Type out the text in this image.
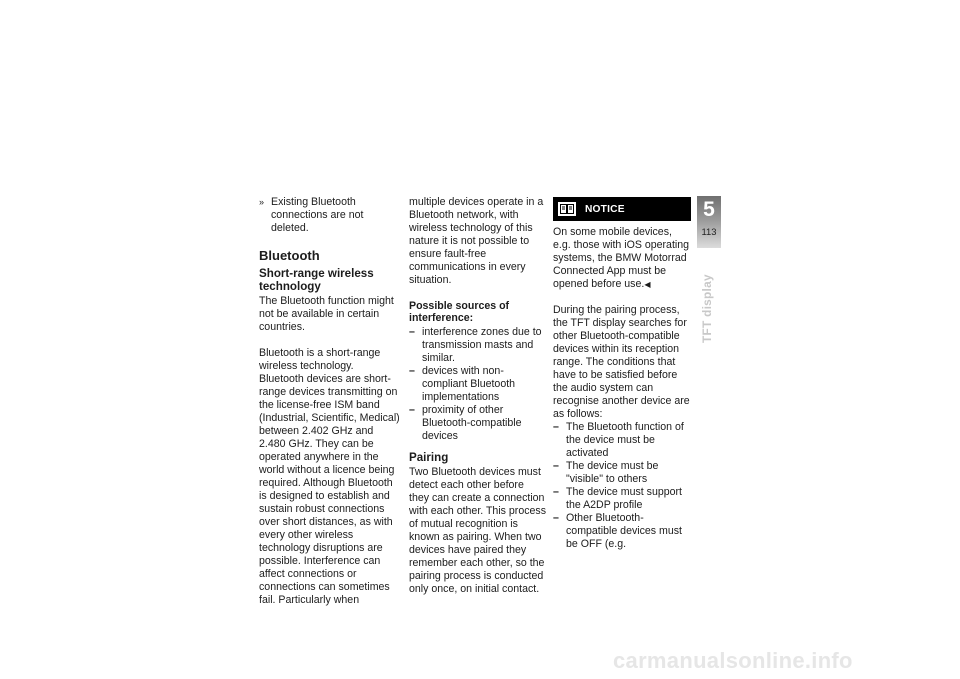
» Existing Bluetooth connections are not deleted.
Bluetooth
Short-range wireless technology

The Bluetooth function might not be available in certain countries.

Bluetooth is a short-range wireless technology. Bluetooth devices are short-range devices transmitting on the license-free ISM band (Industrial, Scientific, Medical) between 2.402 GHz and 2.480 GHz. They can be operated anywhere in the world without a licence being required. Although Bluetooth is designed to establish and sustain robust connections over short distances, as with every other wireless technology disruptions are possible. Interference can affect connections or connections can sometimes fail. Particularly when

multiple devices operate in a Bluetooth network, with wireless technology of this nature it is not possible to ensure fault-free communications in every situation.

Possible sources of interference:
– interference zones due to transmission masts and similar.
– devices with non-compliant Bluetooth implementations
– proximity of other Bluetooth-compatible devices
Pairing

Two Bluetooth devices must detect each other before they can create a connection with each other. This process of mutual recognition is known as pairing. When two devices have paired they remember each other, so the pairing process is conducted only once, on initial contact.

NOTICE

On some mobile devices, e.g. those with iOS operating systems, the BMW Motorrad Connected App must be opened before use.◀

During the pairing process, the TFT display searches for other Bluetooth-compatible devices within its reception range. The conditions that have to be satisfied before the audio system can recognise another device are as follows:

– The Bluetooth function of the device must be activated
– The device must be "visible" to others
– The device must support the A2DP profile
– Other Bluetooth-compatible devices must be OFF (e.g.
5
113
TFT display
carmanualsonline.info
